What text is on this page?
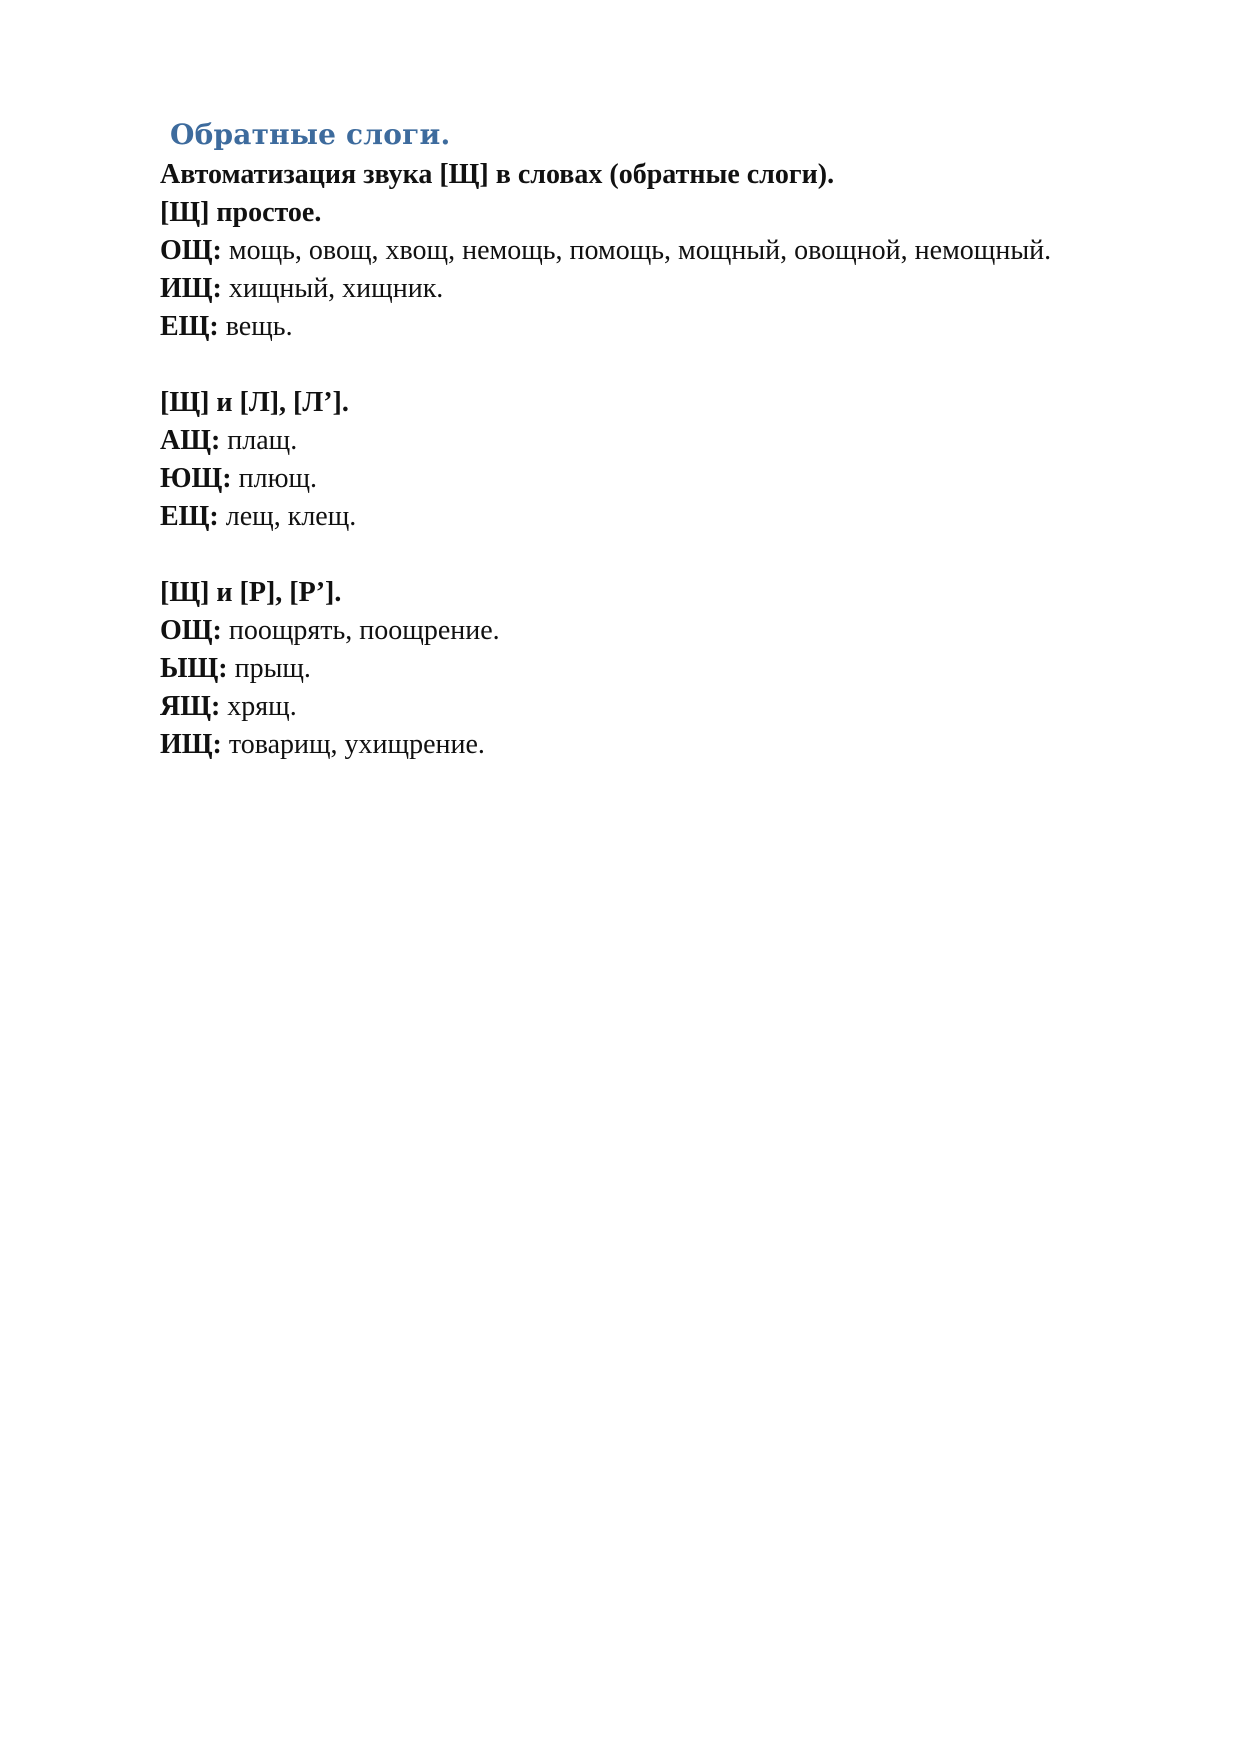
Обратные слоги.
Автоматизация звука [Щ] в словах (обратные слоги).
[Щ] простое.
ОЩ: мощь, овощ, хвощ, немощь, помощь, мощный, овощной, немощный.
ИЩ: хищный, хищник.
ЕЩ: вещь.
[Щ] и [Л], [Л’].
АЩ: плащ.
ЮЩ: плющ.
ЕЩ: лещ, клещ.
[Щ] и [Р], [Р’].
ОЩ: поощрять, поощрение.
ЫЩ: прыщ.
ЯЩ: хрящ.
ИЩ: товарищ, ухищрение.
